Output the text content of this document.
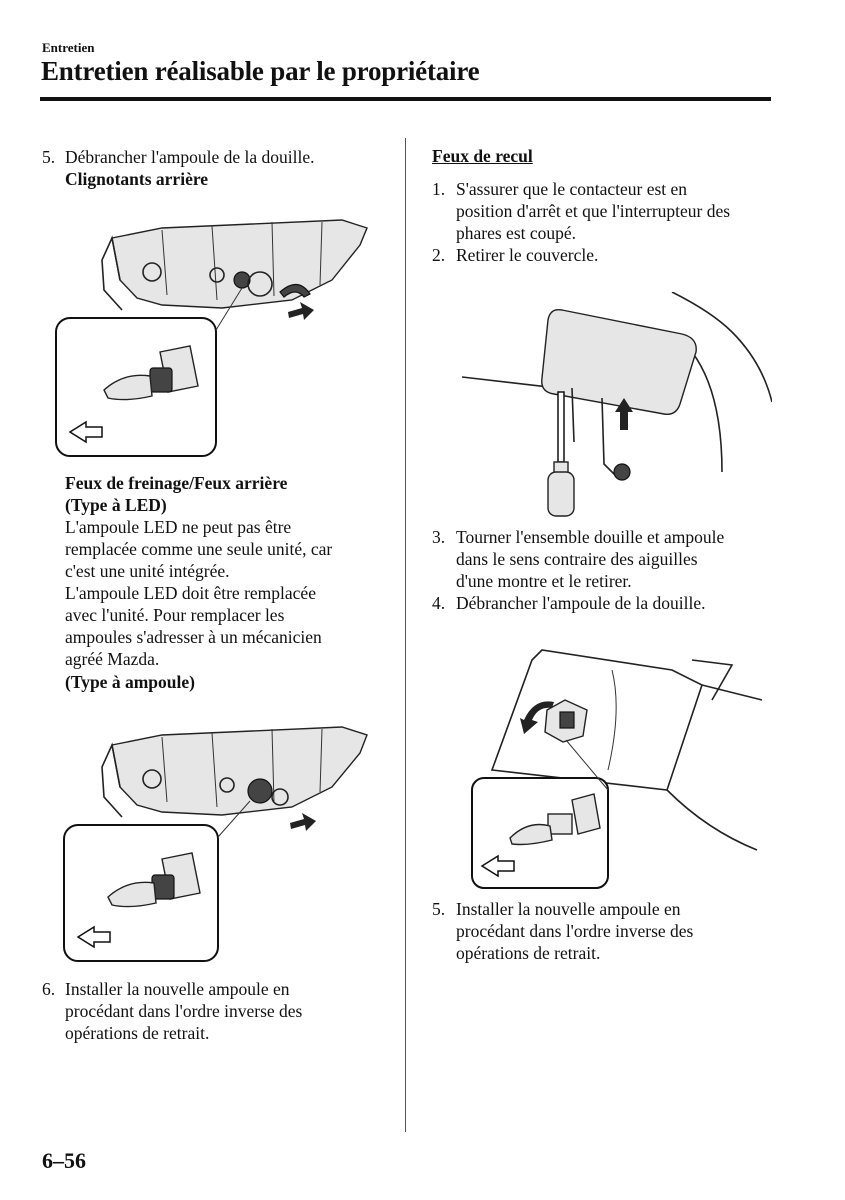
Entretien
Entretien réalisable par le propriétaire
5. Débrancher l'ampoule de la douille.
Clignotants arrière
Feux de freinage/Feux arrière
(Type à LED)
L'ampoule LED ne peut pas être
remplacée comme une seule unité, car
c'est une unité intégrée.
L'ampoule LED doit être remplacée
avec l'unité. Pour remplacer les
ampoules s'adresser à un mécanicien
agréé Mazda.
(Type à ampoule)
6. Installer la nouvelle ampoule en
procédant dans l'ordre inverse des
opérations de retrait.
Feux de recul
1. S'assurer que le contacteur est en
position d'arrêt et que l'interrupteur des
phares est coupé.
2. Retirer le couvercle.
3. Tourner l'ensemble douille et ampoule
dans le sens contraire des aiguilles
d'une montre et le retirer.
4. Débrancher l'ampoule de la douille.
5. Installer la nouvelle ampoule en
procédant dans l'ordre inverse des
opérations de retrait.
6–56
